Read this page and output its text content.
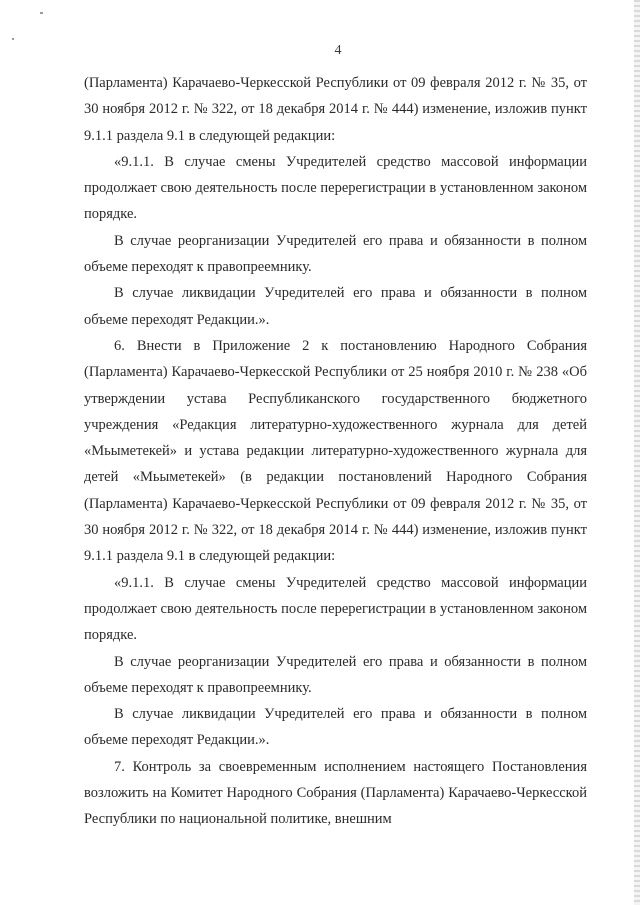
4

(Парламента) Карачаево-Черкесской Республики от 09 февраля 2012 г. № 35, от 30 ноября 2012 г. № 322, от 18 декабря 2014 г. № 444) изменение, изложив пункт 9.1.1 раздела 9.1 в следующей редакции:

«9.1.1. В случае смены Учредителей средство массовой информации продолжает свою деятельность после перерегистрации в установленном законом порядке.

В случае реорганизации Учредителей его права и обязанности в полном объеме переходят к правопреемнику.

В случае ликвидации Учредителей его права и обязанности в полном объеме переходят Редакции.».

6. Внести в Приложение 2 к постановлению Народного Собрания (Парламента) Карачаево-Черкесской Республики от 25 ноября 2010 г. № 238 «Об утверждении устава Республиканского государственного бюджетного учреждения «Редакция литературно-художественного журнала для детей «Мьыметекей» и устава редакции литературно-художественного журнала для детей «Мьыметекей» (в редакции постановлений Народного Собрания (Парламента) Карачаево-Черкесской Республики от 09 февраля 2012 г. № 35, от 30 ноября 2012 г. № 322, от 18 декабря 2014 г. № 444) изменение, изложив пункт 9.1.1 раздела 9.1 в следующей редакции:

«9.1.1. В случае смены Учредителей средство массовой информации продолжает свою деятельность после перерегистрации в установленном законом порядке.

В случае реорганизации Учредителей его права и обязанности в полном объеме переходят к правопреемнику.

В случае ликвидации Учредителей его права и обязанности в полном объеме переходят Редакции.».

7. Контроль за своевременным исполнением настоящего Постановления возложить на Комитет Народного Собрания (Парламента) Карачаево-Черкесской Республики по национальной политике, внешним
